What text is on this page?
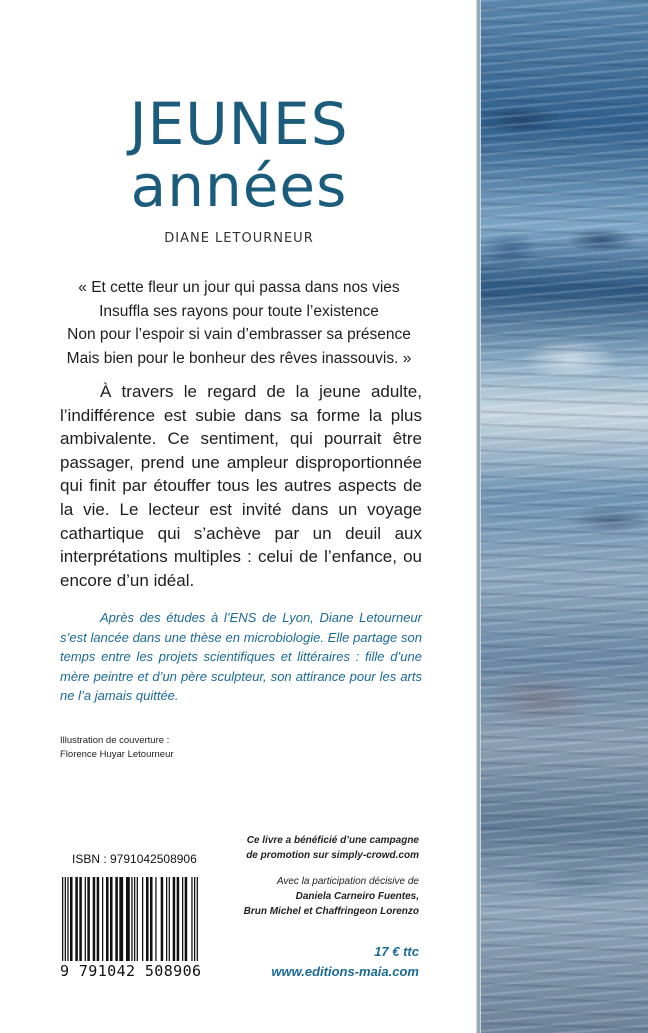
JEUNES
années
DIANE LETOURNEUR
« Et cette fleur un jour qui passa dans nos vies
Insuffla ses rayons pour toute l’existence
Non pour l’espoir si vain d’embrasser sa présence
Mais bien pour le bonheur des rêves inassouvis. »

À travers le regard de la jeune adulte, l’indifférence est subie dans sa forme la plus ambivalente. Ce sentiment, qui pourrait être passager, prend une ampleur disproportionnée qui finit par étouffer tous les autres aspects de la vie. Le lecteur est invité dans un voyage cathartique qui s’achève par un deuil aux interprétations multiples : celui de l’enfance, ou encore d’un idéal.

Après des études à l’ENS de Lyon, Diane Letourneur s’est lancée dans une thèse en microbiologie. Elle partage son temps entre les projets scientifiques et littéraires : fille d’une mère peintre et d’un père sculpteur, son attirance pour les arts ne l’a jamais quittée.

Illustration de couverture :
Florence Huyar Letourneur
Ce livre a bénéficié d’une campagne
de promotion sur simply-crowd.com
Avec la participation décisive de
Daniela Carneiro Fuentes,
Brun Michel et Chaffringeon Lorenzo
17 € ttc
www.editions-maia.com
ISBN : 9791042508906
9 791042 508906
